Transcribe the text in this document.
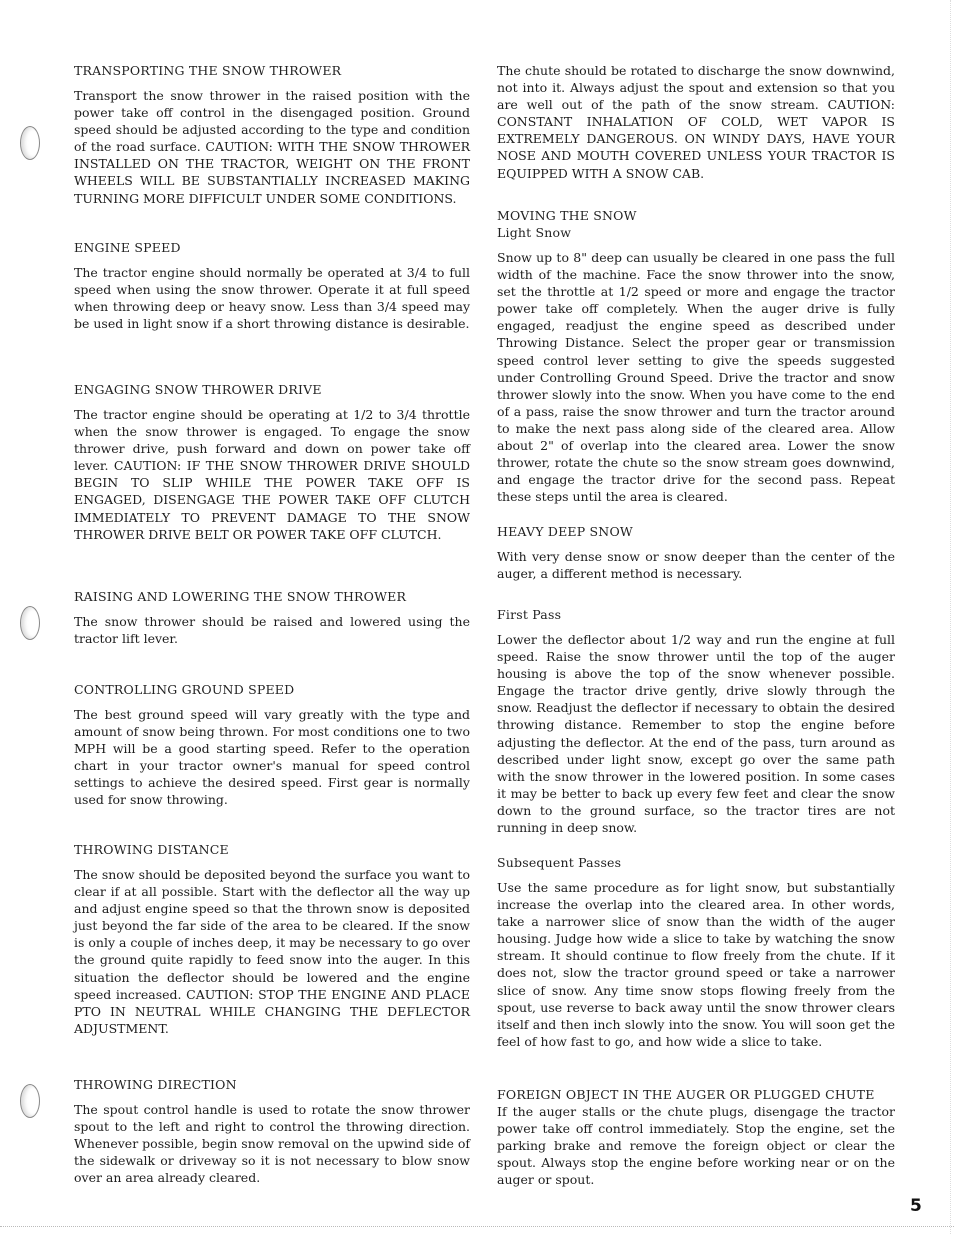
TRANSPORTING THE SNOW THROWER

Transport the snow thrower in the raised position with the power take off control in the disengaged position. Ground speed should be adjusted according to the type and condition of the road surface. CAUTION: WITH THE SNOW THROWER INSTALLED ON THE TRACTOR, WEIGHT ON THE FRONT WHEELS WILL BE SUBSTANTIALLY INCREASED MAKING TURNING MORE DIFFICULT UNDER SOME CONDITIONS.

ENGINE SPEED

The tractor engine should normally be operated at 3/4 to full speed when using the snow thrower. Operate it at full speed when throwing deep or heavy snow. Less than 3/4 speed may be used in light snow if a short throwing distance is desirable.

ENGAGING SNOW THROWER DRIVE

The tractor engine should be operating at 1/2 to 3/4 throttle when the snow thrower is engaged. To engage the snow thrower drive, push forward and down on power take off lever. CAUTION: IF THE SNOW THROWER DRIVE SHOULD BEGIN TO SLIP WHILE THE POWER TAKE OFF IS ENGAGED, DISENGAGE THE POWER TAKE OFF CLUTCH IMMEDIATELY TO PREVENT DAMAGE TO THE SNOW THROWER DRIVE BELT OR POWER TAKE OFF CLUTCH.

RAISING AND LOWERING THE SNOW THROWER

The snow thrower should be raised and lowered using the tractor lift lever.

CONTROLLING GROUND SPEED

The best ground speed will vary greatly with the type and amount of snow being thrown. For most conditions one to two MPH will be a good starting speed. Refer to the operation chart in your tractor owner's manual for speed control settings to achieve the desired speed. First gear is normally used for snow throwing.

THROWING DISTANCE

The snow should be deposited beyond the surface you want to clear if at all possible. Start with the deflector all the way up and adjust engine speed so that the thrown snow is deposited just beyond the far side of the area to be cleared. If the snow is only a couple of inches deep, it may be necessary to go over the ground quite rapidly to feed snow into the auger. In this situation the deflector should be lowered and the engine speed increased. CAUTION: STOP THE ENGINE AND PLACE PTO IN NEUTRAL WHILE CHANGING THE DEFLECTOR ADJUSTMENT.

THROWING DIRECTION

The spout control handle is used to rotate the snow thrower spout to the left and right to control the throwing direction. Whenever possible, begin snow removal on the upwind side of the sidewalk or driveway so it is not necessary to blow snow over an area already cleared.

The chute should be rotated to discharge the snow downwind, not into it. Always adjust the spout and extension so that you are well out of the path of the snow stream. CAUTION: CONSTANT INHALATION OF COLD, WET VAPOR IS EXTREMELY DANGEROUS. ON WINDY DAYS, HAVE YOUR NOSE AND MOUTH COVERED UNLESS YOUR TRACTOR IS EQUIPPED WITH A SNOW CAB.

MOVING THE SNOW

Light Snow

Snow up to 8" deep can usually be cleared in one pass the full width of the machine. Face the snow thrower into the snow, set the throttle at 1/2 speed or more and engage the tractor power take off completely. When the auger drive is fully engaged, readjust the engine speed as described under Throwing Distance. Select the proper gear or transmission speed control lever setting to give the speeds suggested under Controlling Ground Speed. Drive the tractor and snow thrower slowly into the snow. When you have come to the end of a pass, raise the snow thrower and turn the tractor around to make the next pass along side of the cleared area. Allow about 2" of overlap into the cleared area. Lower the snow thrower, rotate the chute so the snow stream goes downwind, and engage the tractor drive for the second pass. Repeat these steps until the area is cleared.

HEAVY DEEP SNOW

With very dense snow or snow deeper than the center of the auger, a different method is necessary.

First Pass

Lower the deflector about 1/2 way and run the engine at full speed. Raise the snow thrower until the top of the auger housing is above the top of the snow whenever possible. Engage the tractor drive gently, drive slowly through the snow. Readjust the deflector if necessary to obtain the desired throwing distance. Remember to stop the engine before adjusting the deflector. At the end of the pass, turn around as described under light snow, except go over the same path with the snow thrower in the lowered position. In some cases it may be better to back up every few feet and clear the snow down to the ground surface, so the tractor tires are not running in deep snow.

Subsequent Passes

Use the same procedure as for light snow, but substantially increase the overlap into the cleared area. In other words, take a narrower slice of snow than the width of the auger housing. Judge how wide a slice to take by watching the snow stream. It should continue to flow freely from the chute. If it does not, slow the tractor ground speed or take a narrower slice of snow. Any time snow stops flowing freely from the spout, use reverse to back away until the snow thrower clears itself and then inch slowly into the snow. You will soon get the feel of how fast to go, and how wide a slice to take.

FOREIGN OBJECT IN THE AUGER OR PLUGGED CHUTE

If the auger stalls or the chute plugs, disengage the tractor power take off control immediately. Stop the engine, set the parking brake and remove the foreign object or clear the spout. Always stop the engine before working near or on the auger or spout.

5
